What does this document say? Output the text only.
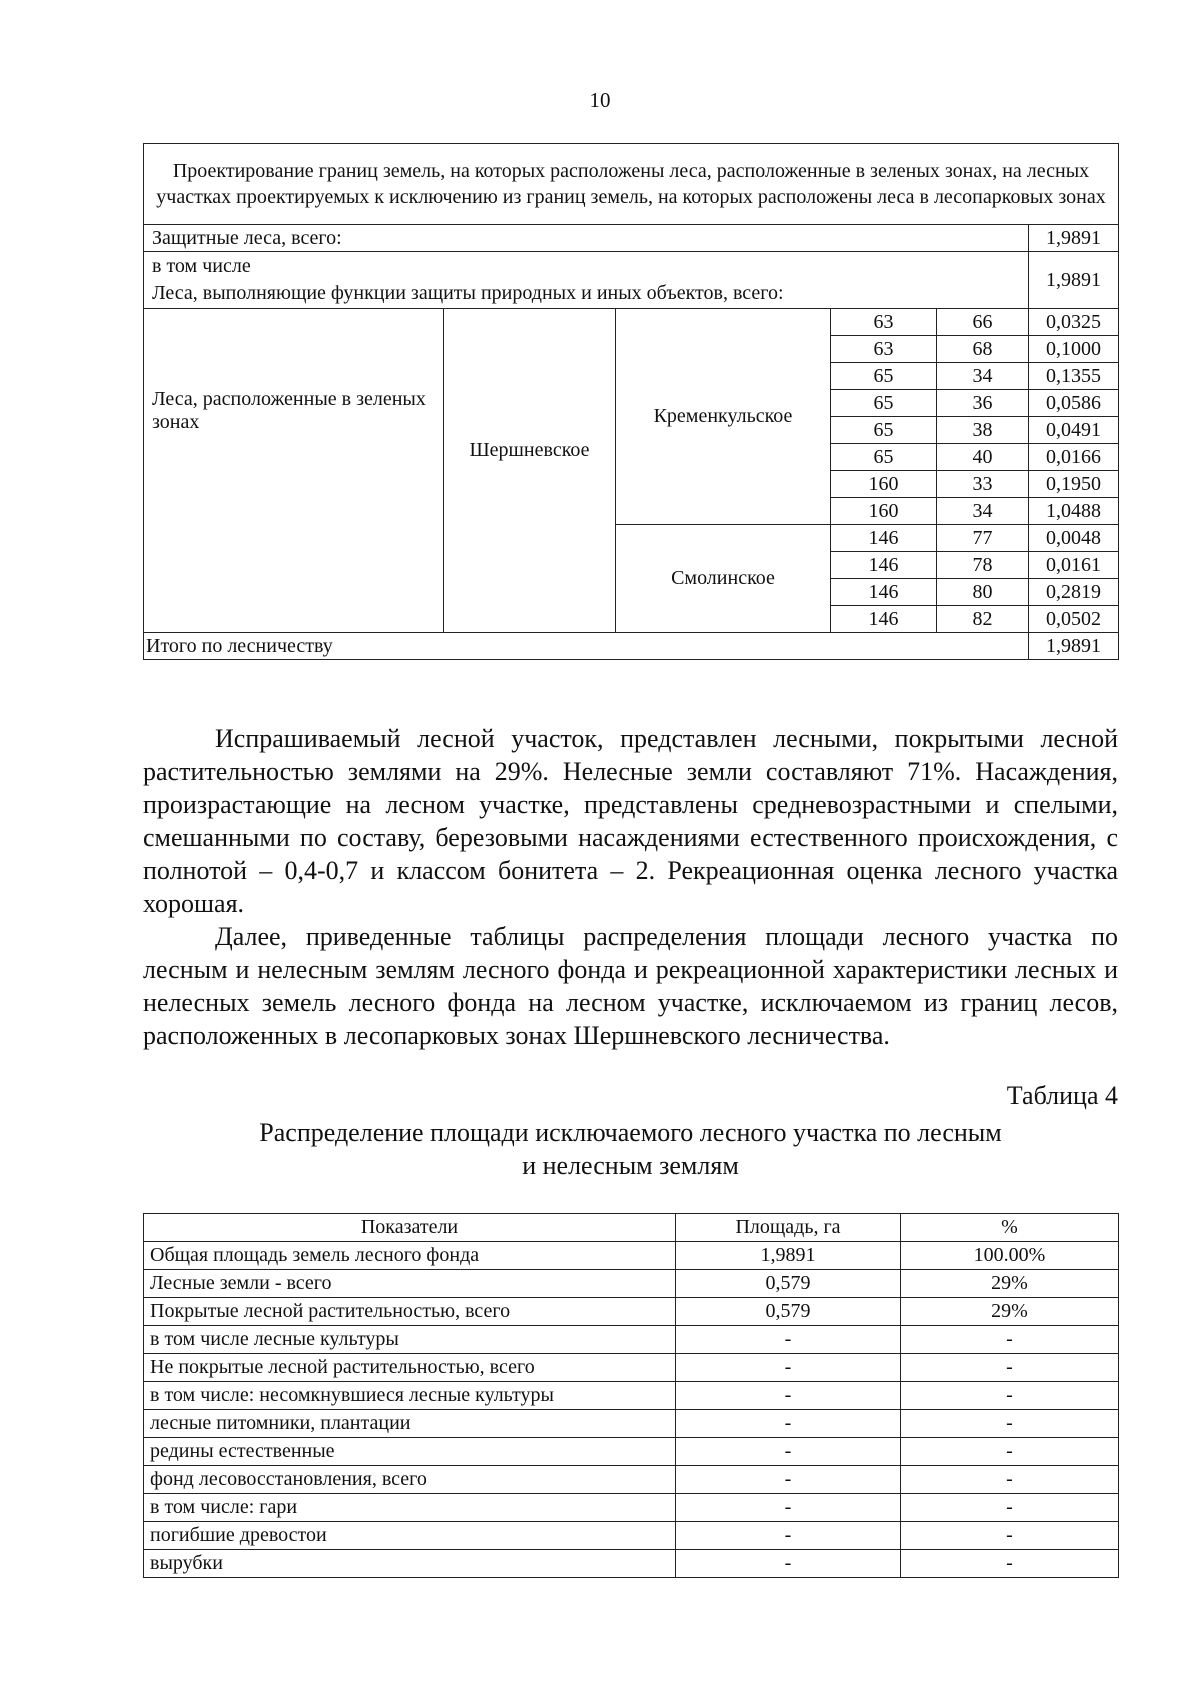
10
Проектирование границ земель, на которых расположены леса, расположенные в зеленых зонах, на лесных участках проектируемых к исключению из границ земель, на которых расположены леса в лесопарковых зонах					
Защитные леса, всего:					1,9891

в том числе
Леса, выполняющие функции защиты природных и иных объектов, всего:					1,9891
Леса, расположенные в зеленых зонах	Шершневское	Кременкульское	63	66	0,0325
			63	68	0,1000
			65	34	0,1355
			65	36	0,0586
			65	38	0,0491
			65	40	0,0166
			160	33	0,1950
			160	34	1,0488
		Смолинское	146	77	0,0048
			146	78	0,0161
			146	80	0,2819
			146	82	0,0502
Итого по лесничеству					1,9891

Испрашиваемый лесной участок, представлен лесными, покрытыми лесной растительностью землями на 29%. Нелесные земли составляют 71%. Насаждения, произрастающие на лесном участке, представлены средневозрастными и спелыми, смешанными по составу, березовыми насаждениями естественного происхождения, с полнотой – 0,4-0,7 и классом бонитета – 2. Рекреационная оценка лесного участка хорошая.

Далее, приведенные таблицы распределения площади лесного участка по лесным и нелесным землям лесного фонда и рекреационной характеристики лесных и нелесных земель лесного фонда на лесном участке, исключаемом из границ лесов, расположенных в лесопарковых зонах Шершневского лесничества.

Таблица 4
Распределение площади исключаемого лесного участка по лесным
и нелесным землям
Показатели	Площадь, га	%
Общая площадь земель лесного фонда	1,9891	100.00%
Лесные земли - всего	0,579	29%
Покрытые лесной растительностью, всего	0,579	29%
в том числе лесные культуры	-	-
Не покрытые лесной растительностью, всего	-	-
в том числе: несомкнувшиеся лесные культуры	-	-
лесные питомники, плантации	-	-
редины естественные	-	-
фонд лесовосстановления, всего	-	-
в том числе: гари	-	-
погибшие древостои	-	-
вырубки	-	-
